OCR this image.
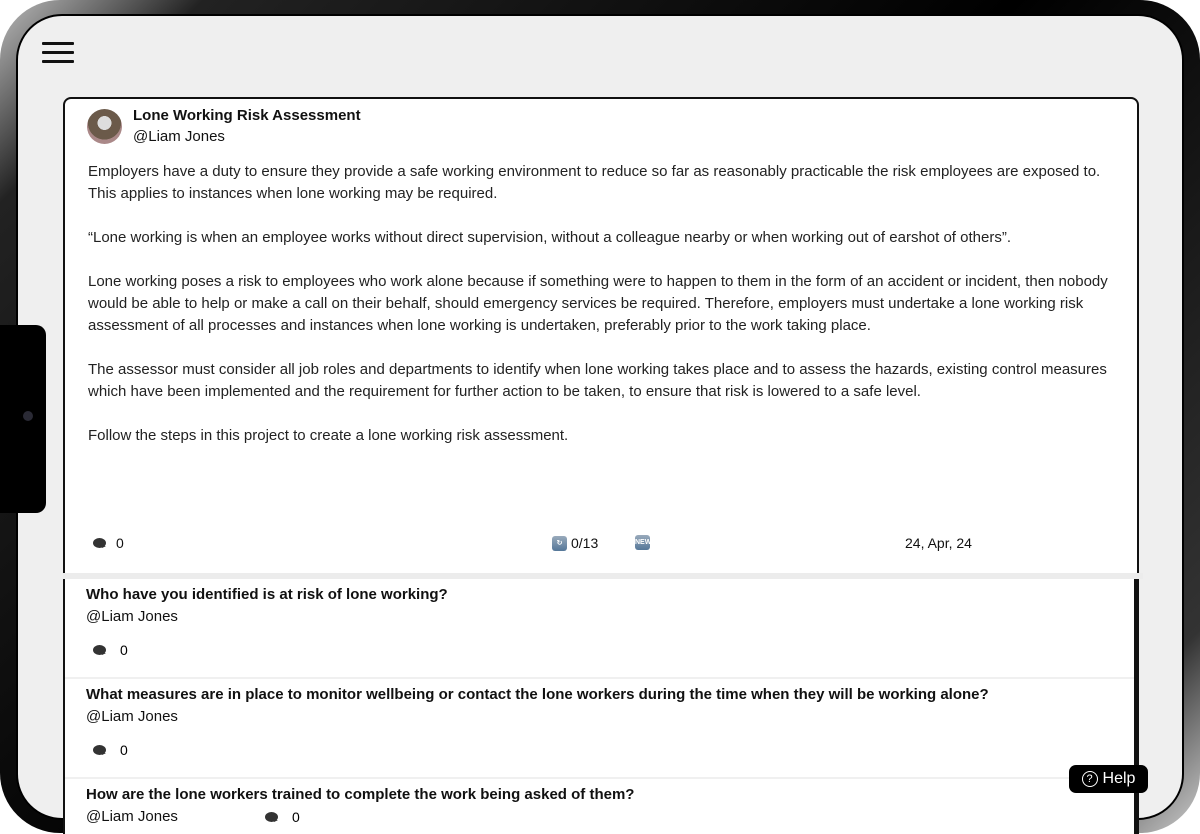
Lone Working Risk Assessment
@Liam Jones

Employers have a duty to ensure they provide a safe working environment to reduce so far as reasonably practicable the risk employees are exposed to. This applies to instances when lone working may be required.

“Lone working is when an employee works without direct supervision, without a colleague nearby or when working out of earshot of others”.

Lone working poses a risk to employees who work alone because if something were to happen to them in the form of an accident or incident, then nobody would be able to help or make a call on their behalf, should emergency services be required. Therefore, employers must undertake a lone working risk assessment of all processes and instances when lone working is undertaken, preferably prior to the work taking place.

The assessor must consider all job roles and departments to identify when lone working takes place and to assess the hazards, existing control measures which have been implemented and the requirement for further action to be taken, to ensure that risk is lowered to a safe level.

Follow the steps in this project to create a lone working risk assessment.

0	↻ 0/13	NEW	24, Apr, 24
Who have you identified is at risk of lone working?
@Liam Jones
0
What measures are in place to monitor wellbeing or contact the lone workers during the time when they will be working alone?
@Liam Jones
0
How are the lone workers trained to complete the work being asked of them?
@Liam Jones	0
? Help
